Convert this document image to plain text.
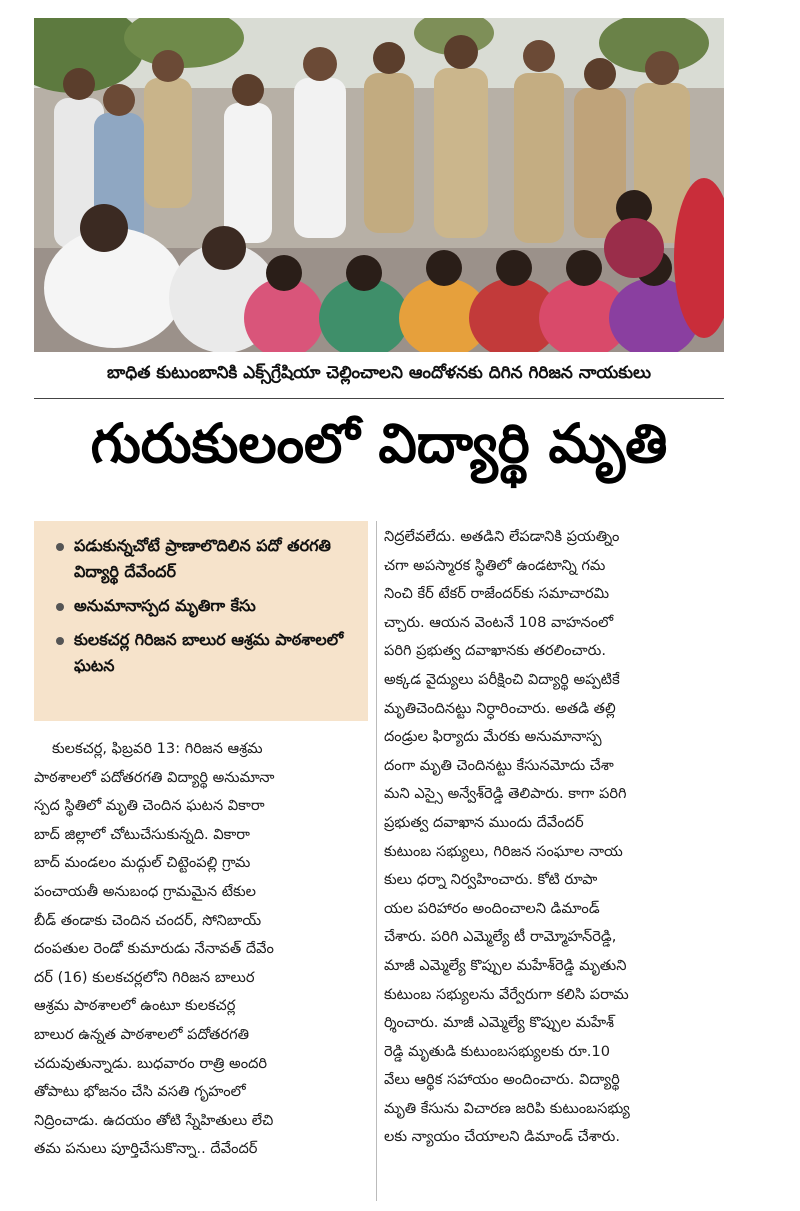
బాధిత కుటుంబానికి ఎక్స్‌గ్రేషియా చెల్లించాలని ఆందోళనకు దిగిన గిరిజన నాయకులు
గురుకులంలో విద్యార్థి మృతి
పడుకున్నచోటే ప్రాణాలొదిలిన పదో తరగతి విద్యార్థి దేవేందర్
అనుమానాస్పద మృతిగా కేసు
కులకచర్ల గిరిజన బాలుర ఆశ్రమ పాఠశాలలో ఘటన
కులకచర్ల, ఫిబ్రవరి 13: గిరిజన ఆశ్రమ
పాఠశాలలో పదోతరగతి విద్యార్థి అనుమానా
స్పద స్థితిలో మృతి చెందిన ఘటన వికారా
బాద్ జిల్లాలో చోటుచేసుకున్నది. వికారా
బాద్ మండలం మద్గుల్ చిట్టెంపల్లి గ్రామ
పంచాయతీ అనుబంధ గ్రామమైన టేకుల
బీడ్ తండాకు చెందిన చందర్, సోనిబాయ్
దంపతుల రెండో కుమారుడు నేనావత్ దేవేం
దర్ (16) కులకచర్లలోని గిరిజన బాలుర
ఆశ్రమ పాఠశాలలో ఉంటూ కులకచర్ల
బాలుర ఉన్నత పాఠశాలలో పదోతరగతి
చదువుతున్నాడు. బుధవారం రాత్రి అందరి
తోపాటు భోజనం చేసి వసతి గృహంలో
నిద్రించాడు. ఉదయం తోటి స్నేహితులు లేచి
తమ పనులు పూర్తిచేసుకొన్నా.. దేవేందర్
నిద్రలేవలేదు. అతడిని లేపడానికి ప్రయత్నిం
చగా అపస్మారక స్థితిలో ఉండటాన్ని గమ
నించి కేర్ టేకర్ రాజేందర్‌కు సమాచారమి
చ్చారు. ఆయన వెంటనే 108 వాహనంలో
పరిగి ప్రభుత్వ దవాఖానకు తరలించారు.
అక్కడ వైద్యులు పరీక్షించి విద్యార్థి అప్పటికే
మృతిచెందినట్టు నిర్ధారించారు. అతడి తల్లి
దండ్రుల ఫిర్యాదు మేరకు అనుమానాస్ప
దంగా మృతి చెందినట్టు కేసునమోదు చేశా
మని ఎస్సై అన్వేశ్‌రెడ్డి తెలిపారు. కాగా పరిగి
ప్రభుత్వ దవాఖాన ముందు దేవేందర్
కుటుంబ సభ్యులు, గిరిజన సంఘాల నాయ
కులు ధర్నా నిర్వహించారు. కోటి రూపా
యల పరిహారం అందించాలని డిమాండ్
చేశారు. పరిగి ఎమ్మెల్యే టీ రామ్మోహన్‌రెడ్డి,
మాజీ ఎమ్మెల్యే కొప్పుల మహేశ్‌రెడ్డి మృతుని
కుటుంబ సభ్యులను వేర్వేరుగా కలిసి పరామ
ర్శించారు. మాజీ ఎమ్మెల్యే కొప్పుల మహేశ్
రెడ్డి మృతుడి కుటుంబసభ్యులకు రూ.10
వేలు ఆర్థిక సహాయం అందించారు. విద్యార్థి
మృతి కేసును విచారణ జరిపి కుటుంబసభ్యు
లకు న్యాయం చేయాలని డిమాండ్ చేశారు.
